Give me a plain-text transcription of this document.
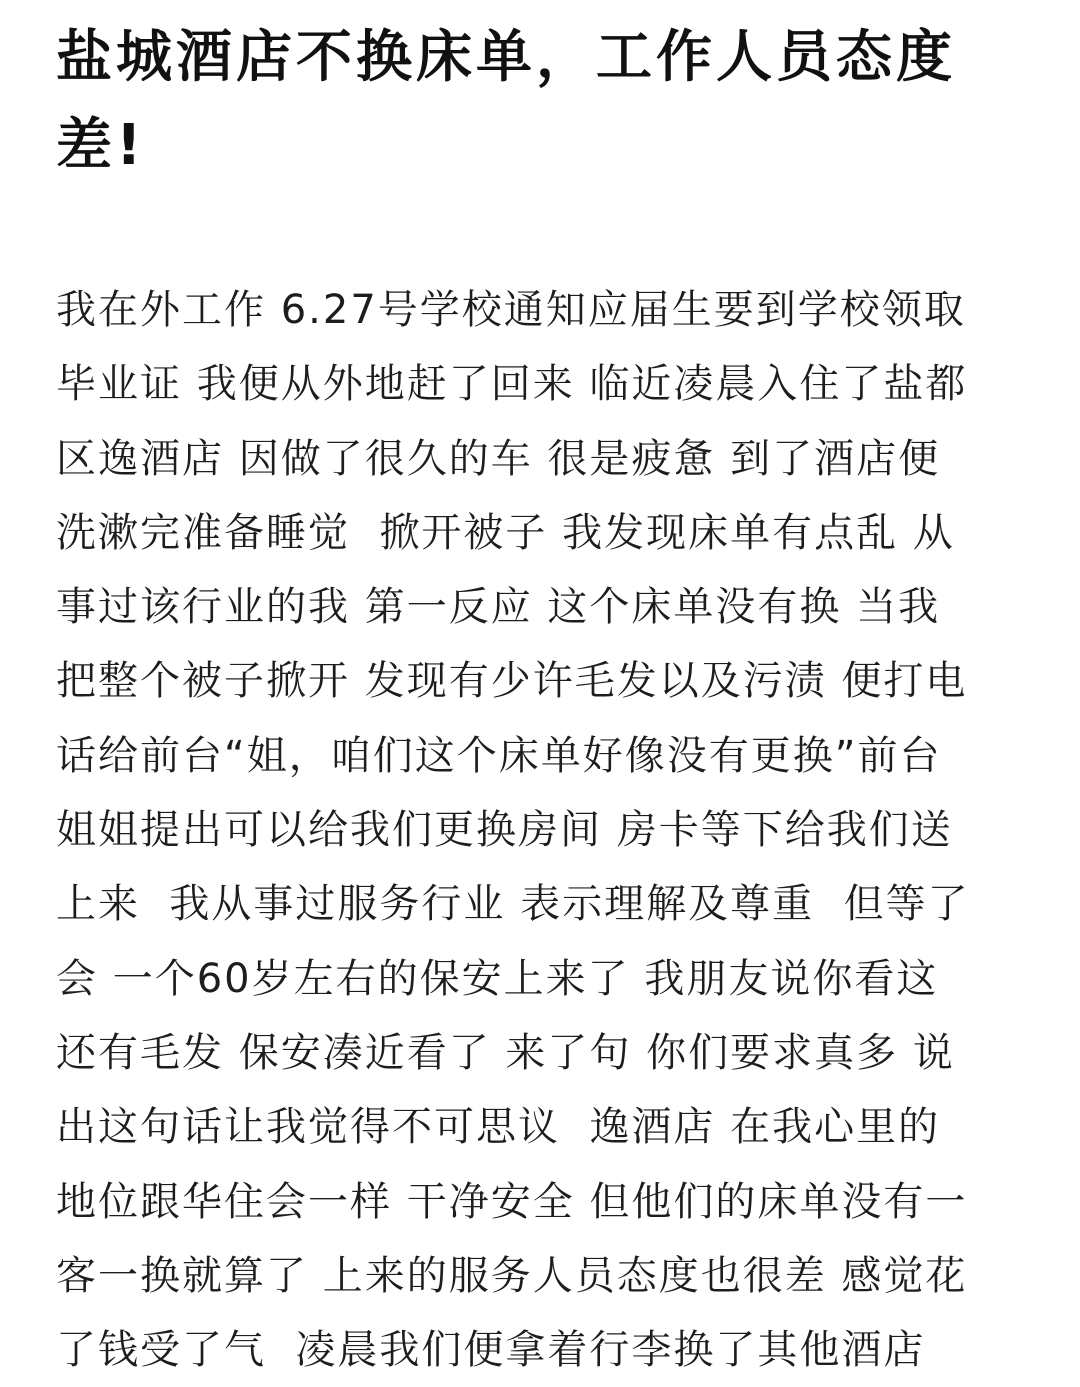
盐城酒店不换床单，工作人员态度
差!
我在外工作 6.27号学校通知应届生要到学校领取
毕业证 我便从外地赶了回来 临近凌晨入住了盐都
区逸酒店 因做了很久的车 很是疲惫 到了酒店便
洗漱完准备睡觉  掀开被子 我发现床单有点乱 从
事过该行业的我 第一反应 这个床单没有换 当我
把整个被子掀开 发现有少许毛发以及污渍 便打电
话给前台“姐，咱们这个床单好像没有更换”前台
姐姐提出可以给我们更换房间 房卡等下给我们送
上来  我从事过服务行业 表示理解及尊重  但等了
会 一个60岁左右的保安上来了 我朋友说你看这
还有毛发 保安凑近看了 来了句 你们要求真多 说
出这句话让我觉得不可思议  逸酒店 在我心里的
地位跟华住会一样 干净安全 但他们的床单没有一
客一换就算了 上来的服务人员态度也很差 感觉花
了钱受了气  凌晨我们便拿着行李换了其他酒店
